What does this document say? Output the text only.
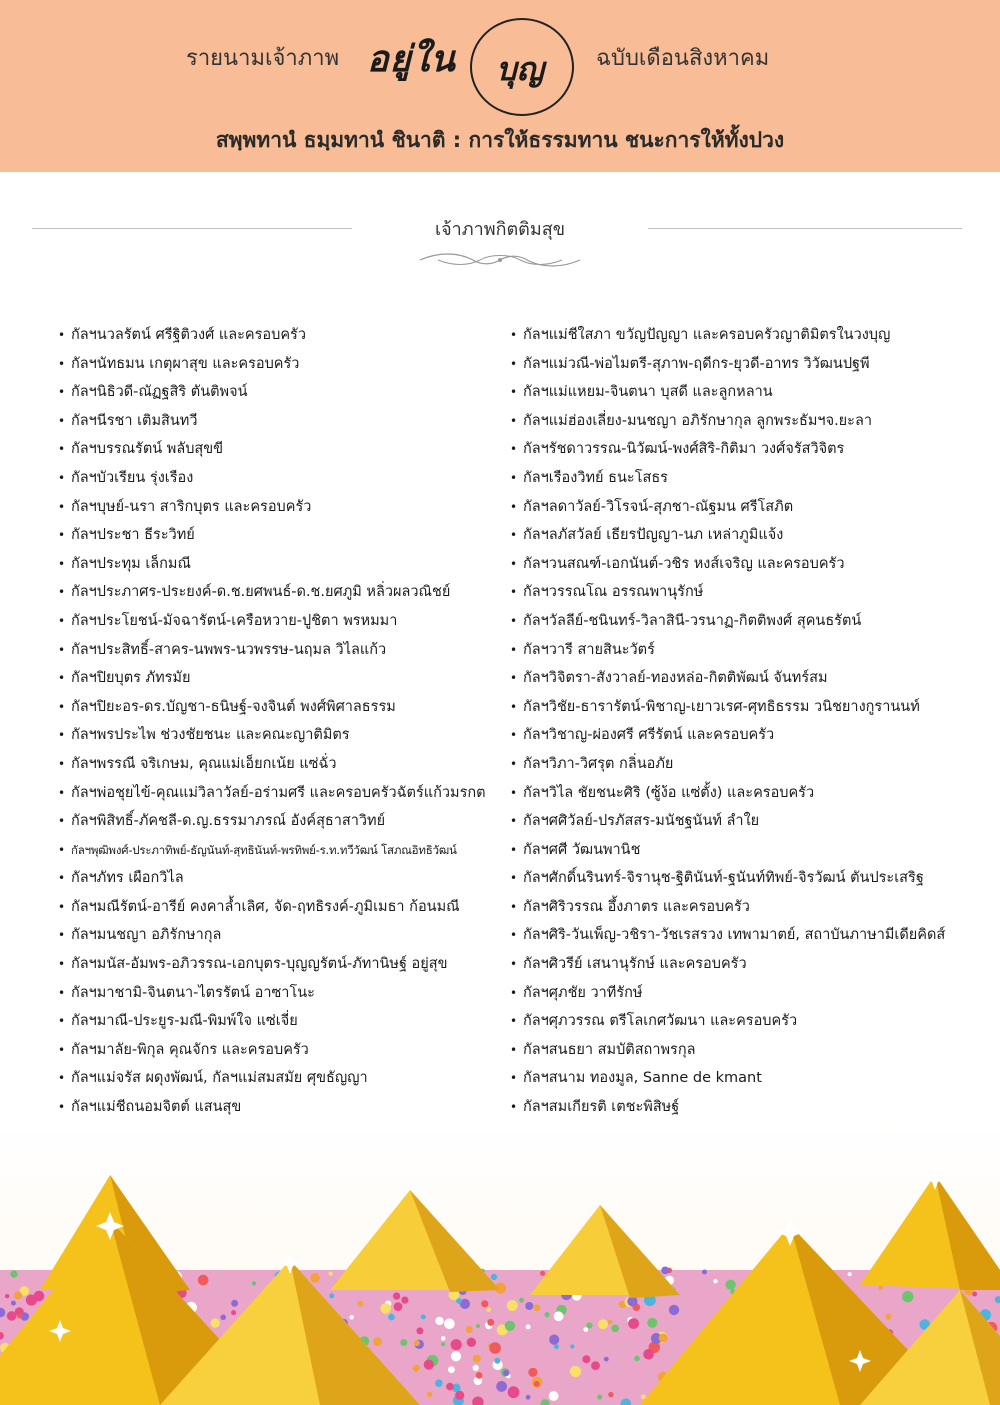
รายนามเจ้าภาพ อยู่ใน	บุญ	ฉบับเดือนสิงหาคม
สพฺพทานํ ธมฺมทานํ ชินาติ : การให้ธรรมทาน ชนะการให้ทั้งปวง
เจ้าภาพกิตติมสุข
• กัลฯนวลรัตน์ ศรีฐิติวงศ์ และครอบครัว
• กัลฯนัทธมน เกตุผาสุข และครอบครัว
• กัลฯนิธิวดี-ณัฏฐสิริ ตันติพจน์
• กัลฯนีรชา เติมสินทวี
• กัลฯบรรณรัตน์ พลับสุขขี
• กัลฯบัวเรียน รุ่งเรือง
• กัลฯบุษย์-นรา สาริกบุตร และครอบครัว
• กัลฯประชา ธีระวิทย์
• กัลฯประทุม เล็กมณี
• กัลฯประภาศร-ประยงค์-ด.ช.ยศพนธ์-ด.ช.ยศภูมิ หลิ่วผลวณิชย์
• กัลฯประโยชน์-มัจฉารัตน์-เครือหวาย-ปูชิตา พรหมมา
• กัลฯประสิทธิ์-สาคร-นพพร-นวพรรษ-นฤมล วิไลแก้ว
• กัลฯปิยบุตร ภัทรมัย
• กัลฯปิยะอร-ดร.บัญชา-ธนิษฐ์-จงจินต์ พงศ์พิศาลธรรม
• กัลฯพรประไพ ช่วงชัยชนะ และคณะญาติมิตร
• กัลฯพรรณี จริเกษม, คุณแม่เอ็ยกเน้ย แซ่ฉั่ว
• กัลฯพ่อชุยไข้-คุณแม่วิลาวัลย์-อร่ามศรี และครอบครัวฉัตร์แก้วมรกต
• กัลฯพิสิทธิ์-ภัคชลี-ด.ญ.ธรรมาภรณ์ อังค์สุธาสาวิทย์
• กัลฯพุฒิพงศ์-ประภาทิพย์-ธัญนันท์-สุทธินันท์-พรทิพย์-ร.ท.ทวีวัฒน์ โสภณอิทธิวัฒน์
• กัลฯภัทร เผือกวิไล
• กัลฯมณีรัตน์-อารีย์ คงคาล้ำเลิศ, จัด-ฤทธิรงค์-ภูมิเมธา ก้อนมณี
• กัลฯมนชญา อภิรักษากุล
• กัลฯมนัส-อัมพร-อภิวรรณ-เอกบุตร-บุญญรัตน์-ภัทานิษฐ์ อยู่สุข
• กัลฯมาชามิ-จินตนา-ไตรรัตน์ อาซาโนะ
• กัลฯมาณี-ประยูร-มณี-พิมพ์ใจ แซ่เจี่ย
• กัลฯมาลัย-พิกุล คุณจักร และครอบครัว
• กัลฯแม่จรัส ผดุงพัฒน์, กัลฯแม่สมสมัย ศุขธัญญา
• กัลฯแม่ชีถนอมจิตต์ แสนสุข
• กัลฯแม่ชีใสภา ขวัญปัญญา และครอบครัวญาติมิตรในวงบุญ
• กัลฯแม่วณี-พ่อไมตรี-สุภาพ-ฤดีกร-ยุวดี-อาทร วิวัฒนปฐพี
• กัลฯแม่แหยม-จินตนา บุสดี และลูกหลาน
• กัลฯแม่ฮ่องเลี่ยง-มนชญา อภิรักษากุล ลูกพระธัมฯจ.ยะลา
• กัลฯรัชดาวรรณ-นิวัฒน์-พงศ์สิริ-กิติมา วงศ์จรัสวิจิตร
• กัลฯเรืองวิทย์ ธนะโสธร
• กัลฯลดาวัลย์-วิโรจน์-สุภชา-ณัฐมน ศรีโสภิต
• กัลฯลภัสวัลย์ เธียรปัญญา-นภ เหล่าภูมิแจ้ง
• กัลฯวนสณฑ์-เอกนันต์-วชิร หงส์เจริญ และครอบครัว
• กัลฯวรรณโณ อรรณพานุรักษ์
• กัลฯวัลลีย์-ชนินทร์-วิลาสินี-วรนาฏ-กิตติพงศ์ สุคนธรัตน์
• กัลฯวารี สายสินะวัตร์
• กัลฯวิจิตรา-สังวาลย์-ทองหล่อ-กิตติพัฒน์ จันทร์สม
• กัลฯวิชัย-ธารารัตน์-พิชาญ-เยาวเรศ-ศุทธิธรรม วนิชยางกูรานนท์
• กัลฯวิชาญ-ผ่องศรี ศรีรัตน์ และครอบครัว
• กัลฯวิภา-วิศรุต กลิ่นอภัย
• กัลฯวิไล ชัยชนะศิริ (ซู้ง้อ แซ่ตั้ง) และครอบครัว
• กัลฯศศิวัลย์-ปรภัสสร-มนัชฐนันท์ ลำใย
• กัลฯศศี วัฒนพานิช
• กัลฯศักดิ์นรินทร์-จิรานุช-ฐิตินันท์-ฐนันท์ทิพย์-จิรวัฒน์ ตันประเสริฐ
• กัลฯศิริวรรณ อึ้งภาตร และครอบครัว
• กัลฯศิริ-วันเพ็ญ-วชิรา-วัชเรสรวง เทพามาตย์, สถาบันภาษามีเดียคิดส์
• กัลฯศิวรีย์ เสนานุรักษ์ และครอบครัว
• กัลฯศุภชัย วาทีรักษ์
• กัลฯศุภวรรณ ตรีโลเกศวัฒนา และครอบครัว
• กัลฯสนธยา สมบัติสถาพรกุล
• กัลฯสนาม ทองมูล, Sanne de kmant
• กัลฯสมเกียรติ เตชะพิสิษฐ์
